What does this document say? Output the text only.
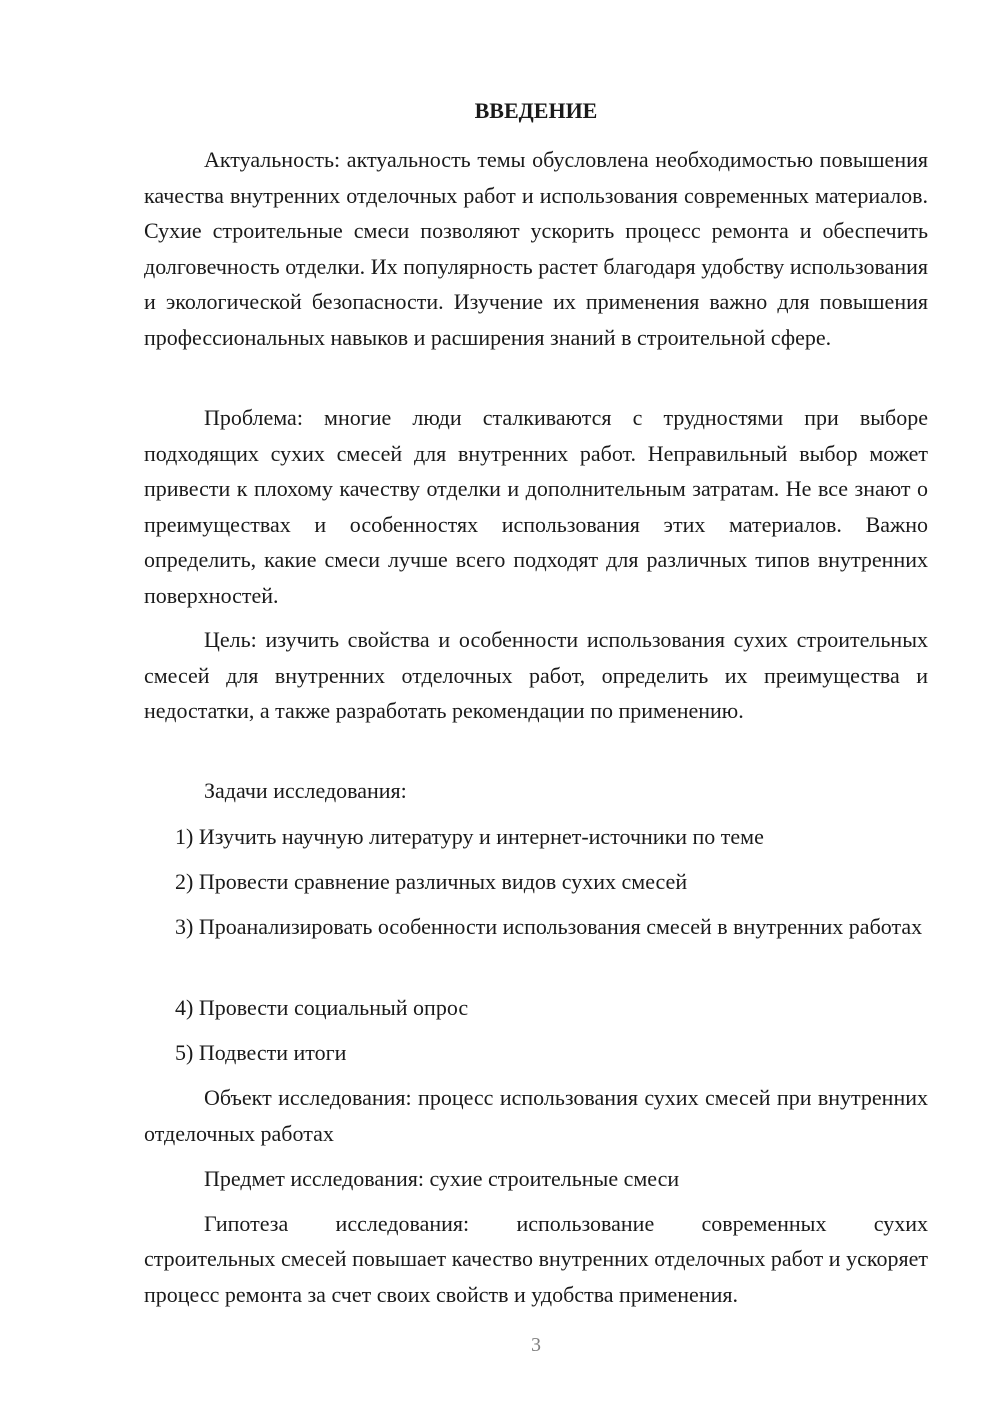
ВВЕДЕНИЕ

Актуальность: актуальность темы обусловлена необходимостью повышения качества внутренних отделочных работ и использования современных материалов. Сухие строительные смеси позволяют ускорить процесс ремонта и обеспечить долговечность отделки. Их популярность растет благодаря удобству использования и экологической безопасности. Изучение их применения важно для повышения профессиональных навыков и расширения знаний в строительной сфере.

Проблема: многие люди сталкиваются с трудностями при выборе подходящих сухих смесей для внутренних работ. Неправильный выбор может привести к плохому качеству отделки и дополнительным затратам. Не все знают о преимуществах и особенностях использования этих материалов. Важно определить, какие смеси лучше всего подходят для различных типов внутренних поверхностей.

Цель: изучить свойства и особенности использования сухих строительных смесей для внутренних отделочных работ, определить их преимущества и недостатки, а также разработать рекомендации по применению.

Задачи исследования:

1) Изучить научную литературу и интернет-источники по теме

2) Провести сравнение различных видов сухих смесей

3) Проанализировать особенности использования смесей в внутренних работах

4) Провести социальный опрос

5) Подвести итоги

Объект исследования: процесс использования сухих смесей при внутренних отделочных работах

Предмет исследования: сухие строительные смеси

Гипотеза исследования: использование современных сухих

строительных смесей повышает качество внутренних отделочных работ и ускоряет процесс ремонта за счет своих свойств и удобства применения.

3
